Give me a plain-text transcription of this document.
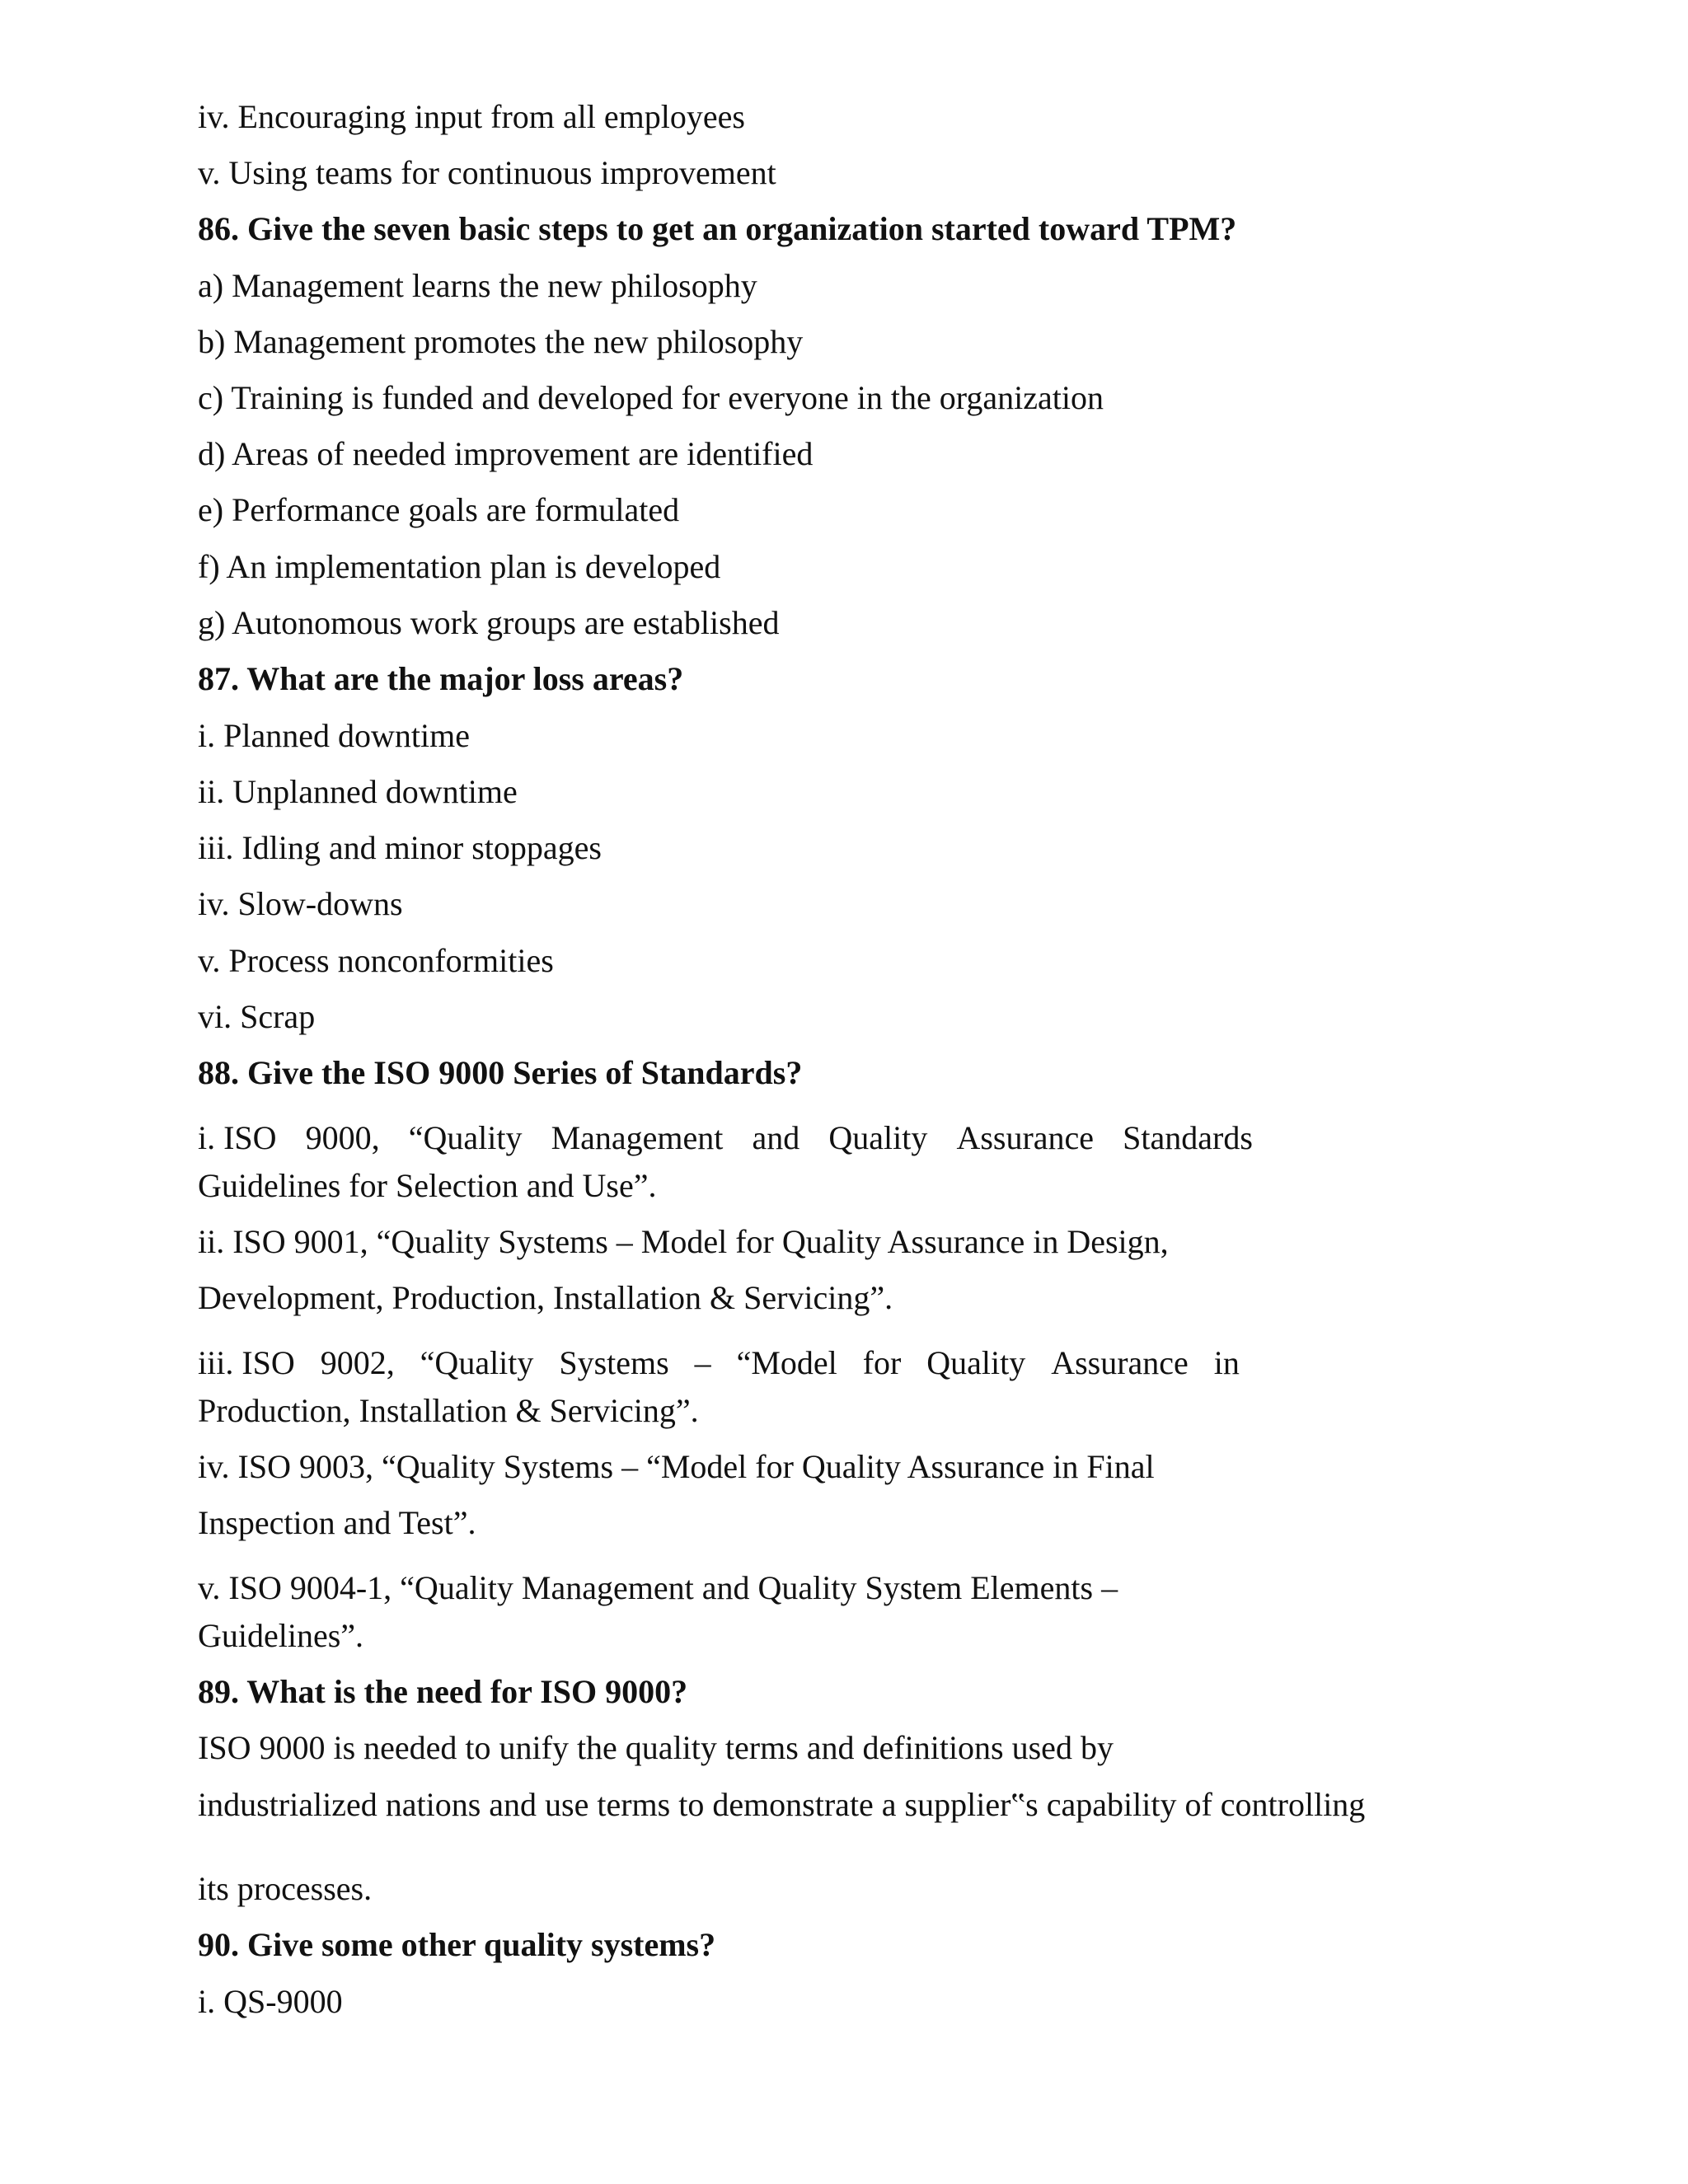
iv. Encouraging input from all employees
v. Using teams for continuous improvement
86. Give the seven basic steps to get an organization started toward TPM?
a) Management learns the new philosophy
b) Management promotes the new philosophy
c) Training is funded and developed for everyone in the organization
d) Areas of needed improvement are identified
e) Performance goals are formulated
f) An implementation plan is developed
g) Autonomous work groups are established
87. What are the major loss areas?
i. Planned downtime
ii. Unplanned downtime
iii. Idling and minor stoppages
iv. Slow-downs
v. Process nonconformities
vi. Scrap
88. Give the ISO 9000 Series of Standards?
i. ISO 9000, “Quality Management and Quality Assurance Standards
Guidelines for Selection and Use”.
ii. ISO 9001, “Quality Systems – Model for Quality Assurance in Design,
Development, Production, Installation & Servicing”.
iii. ISO 9002, “Quality Systems – “Model for Quality Assurance in
Production, Installation & Servicing”.
iv. ISO 9003, “Quality Systems – “Model for Quality Assurance in Final
Inspection and Test”.
v. ISO 9004-1, “Quality Management and Quality System Elements –
Guidelines”.
89. What is the need for ISO 9000?
ISO 9000 is needed to unify the quality terms and definitions used by
industrialized nations and use terms to demonstrate a supplier‟s capability of controlling
its processes.
90. Give some other quality systems?
i. QS-9000
